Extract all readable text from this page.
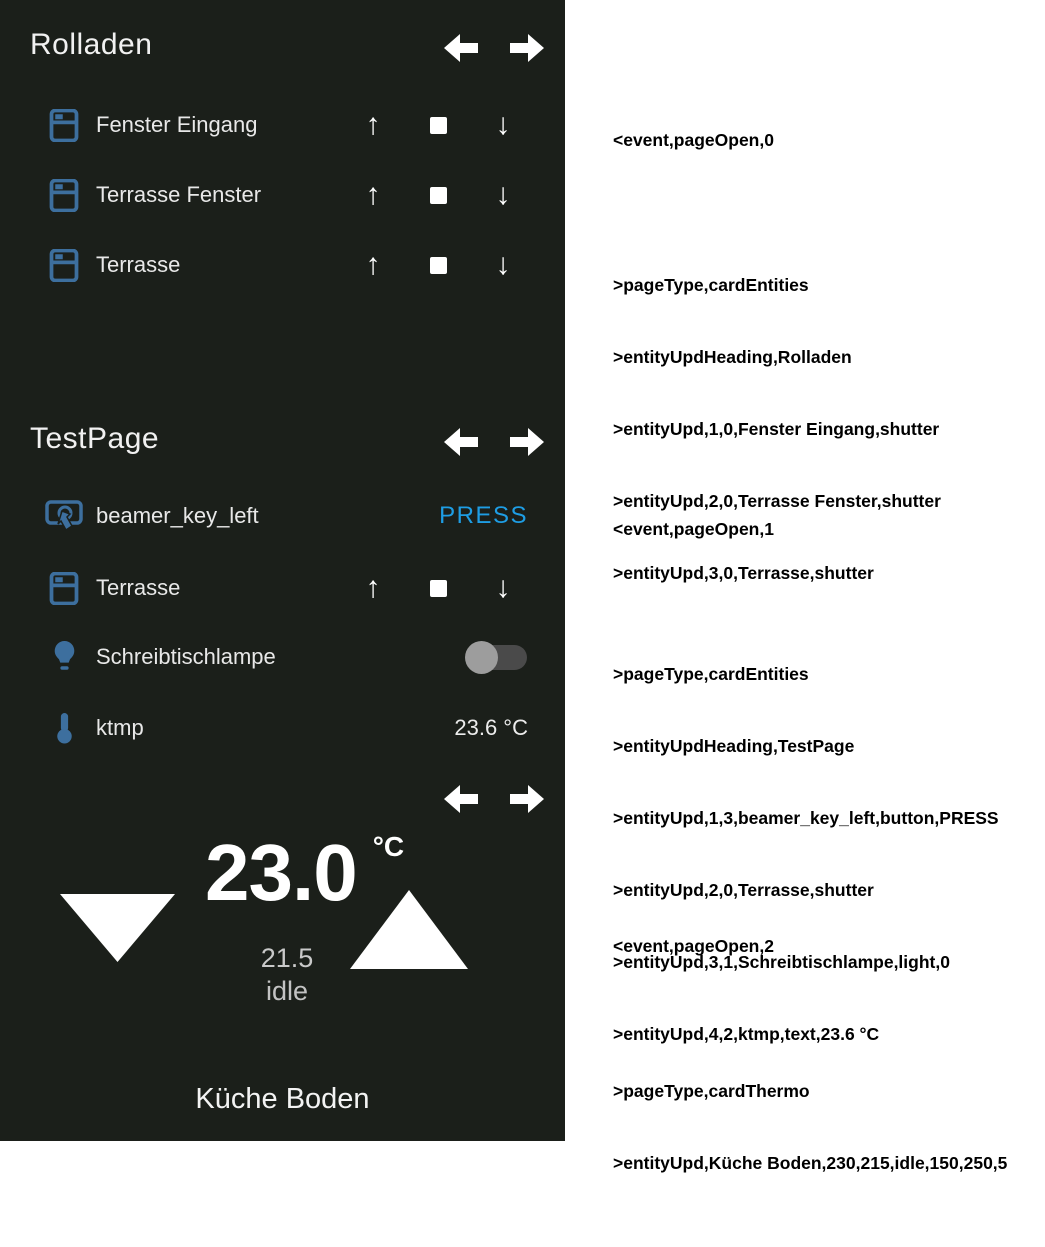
Rolladen
Fenster Eingang	↑	↓
Terrasse Fenster	↑	↓
Terrasse	↑	↓
TestPage
beamer_key_left	PRESS
Terrasse	↑	↓
Schreibtischlampe
ktmp	23.6 °C
23.0 °C
21.5
idle
Küche Boden

<event,pageOpen,0

>pageType,cardEntities

>entityUpdHeading,Rolladen

>entityUpd,1,0,Fenster Eingang,shutter

>entityUpd,2,0,Terrasse Fenster,shutter

>entityUpd,3,0,Terrasse,shutter

<event,pageOpen,1

>pageType,cardEntities

>entityUpdHeading,TestPage

>entityUpd,1,3,beamer_key_left,button,PRESS

>entityUpd,2,0,Terrasse,shutter

>entityUpd,3,1,Schreibtischlampe,light,0

>entityUpd,4,2,ktmp,text,23.6 °C

<event,pageOpen,2

>pageType,cardThermo

>entityUpd,Küche Boden,230,215,idle,150,250,5
